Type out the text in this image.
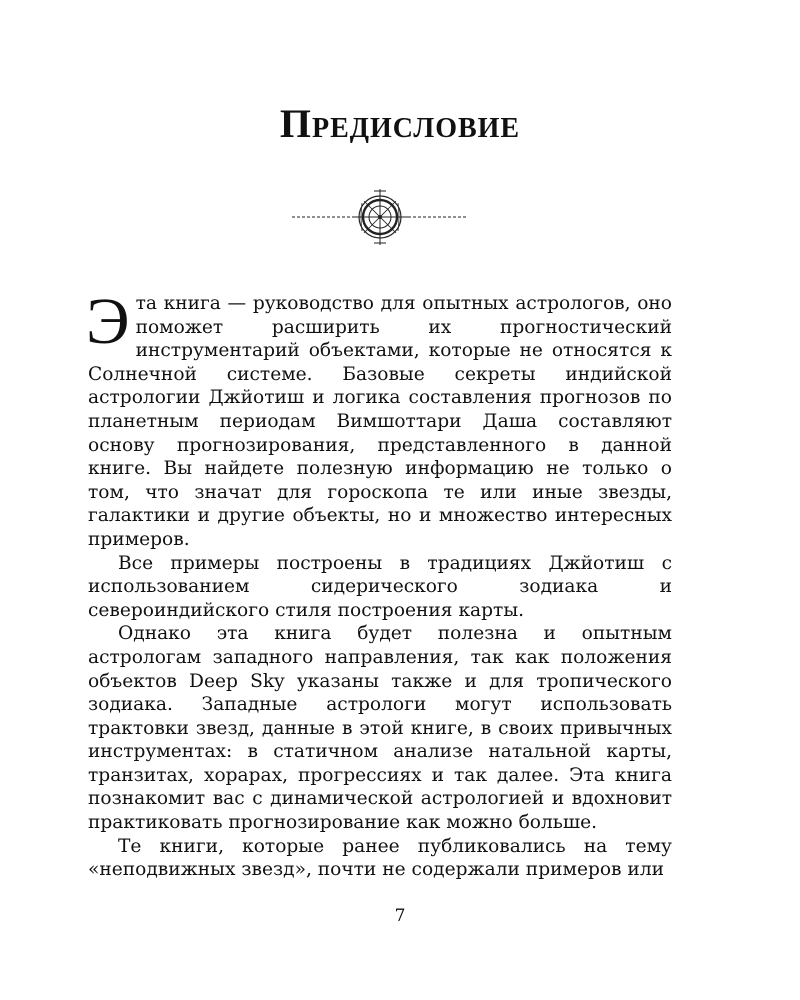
Предисловие

Эта книга — руководство для опытных астрологов, оно поможет расширить их прогностический инструментарий объектами, которые не относятся к Солнечной системе. Базовые секреты индийской астрологии Джйотиш и логика составления прогнозов по планетным периодам Вимшоттари Даша составляют основу прогнозирования, представленного в данной книге. Вы найдете полезную информацию не только о том, что значат для гороскопа те или иные звезды, галактики и другие объекты, но и множество интересных примеров.

Все примеры построены в традициях Джйотиш с использованием сидерического зодиака и североиндийского стиля построения карты.

Однако эта книга будет полезна и опытным астрологам западного направления, так как положения объектов Deep Sky указаны также и для тропического зодиака. Западные астрологи могут использовать трактовки звезд, данные в этой книге, в своих привычных инструментах: в статичном анализе натальной карты, транзитах, хорарах, прогрессиях и так далее. Эта книга познакомит вас с динамической астрологией и вдохновит практиковать прогнозирование как можно больше.

Те книги, которые ранее публиковались на тему «неподвижных звезд», почти не содержали примеров или

7
